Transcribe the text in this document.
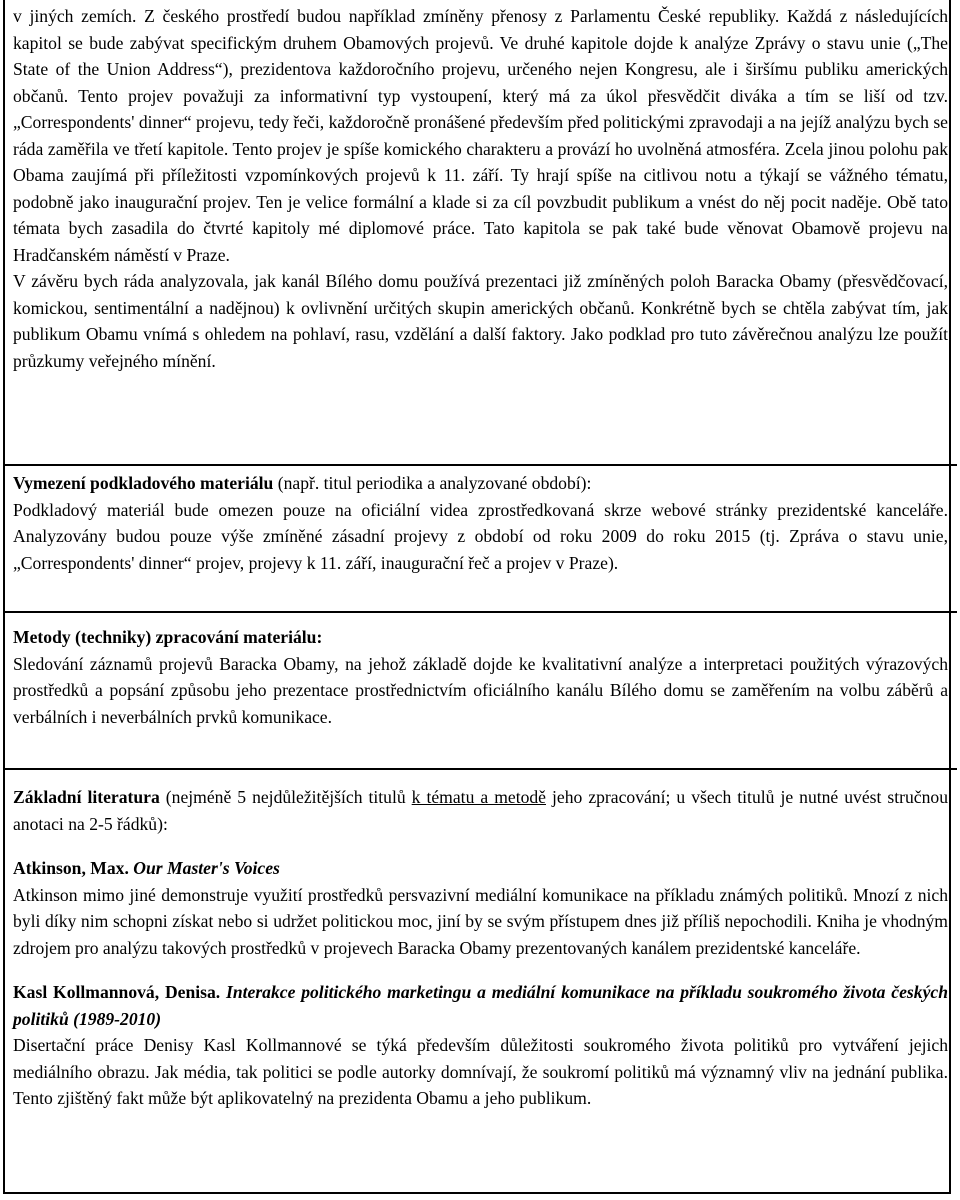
v jiných zemích. Z českého prostředí budou například zmíněny přenosy z Parlamentu České republiky. Každá z následujících kapitol se bude zabývat specifickým druhem Obamových projevů. Ve druhé kapitole dojde k analýze Zprávy o stavu unie („The State of the Union Address“), prezidentova každoročního projevu, určeného nejen Kongresu, ale i širšímu publiku amerických občanů. Tento projev považuji za informativní typ vystoupení, který má za úkol přesvědčit diváka a tím se liší od tzv. „Correspondents' dinner“ projevu, tedy řeči, každoročně pronášené především před politickými zpravodaji a na jejíž analýzu bych se ráda zaměřila ve třetí kapitole. Tento projev je spíše komického charakteru a provází ho uvolněná atmosféra. Zcela jinou polohu pak Obama zaujímá při příležitosti vzpomínkových projevů k 11. září. Ty hrají spíše na citlivou notu a týkají se vážného tématu, podobně jako inaugurační projev. Ten je velice formální a klade si za cíl povzbudit publikum a vnést do něj pocit naděje. Obě tato témata bych zasadila do čtvrté kapitoly mé diplomové práce. Tato kapitola se pak také bude věnovat Obamově projevu na Hradčanském náměstí v Praze.

V závěru bych ráda analyzovala, jak kanál Bílého domu používá prezentaci již zmíněných poloh Baracka Obamy (přesvědčovací, komickou, sentimentální a nadějnou) k ovlivnění určitých skupin amerických občanů. Konkrétně bych se chtěla zabývat tím, jak publikum Obamu vnímá s ohledem na pohlaví, rasu, vzdělání a další faktory. Jako podklad pro tuto závěrečnou analýzu lze použít průzkumy veřejného mínění.

Vymezení podkladového materiálu (např. titul periodika a analyzované období):
Podkladový materiál bude omezen pouze na oficiální videa zprostředkovaná skrze webové stránky prezidentské kanceláře. Analyzovány budou pouze výše zmíněné zásadní projevy z období od roku 2009 do roku 2015 (tj. Zpráva o stavu unie, „Correspondents' dinner“ projev, projevy k 11. září, inaugurační řeč a projev v Praze).

Metody (techniky) zpracování materiálu:
Sledování záznamů projevů Baracka Obamy, na jehož základě dojde ke kvalitativní analýze a interpretaci použitých výrazových prostředků a popsání způsobu jeho prezentace prostřednictvím oficiálního kanálu Bílého domu se zaměřením na volbu záběrů a verbálních i neverbálních prvků komunikace.

Základní literatura (nejméně 5 nejdůležitějších titulů k tématu a metodě jeho zpracování; u všech titulů je nutné uvést stručnou anotaci na 2-5 řádků):

Atkinson, Max. Our Master's Voices

Atkinson mimo jiné demonstruje využití prostředků persvazivní mediální komunikace na příkladu známých politiků. Mnozí z nich byli díky nim schopni získat nebo si udržet politickou moc, jiní by se svým přístupem dnes již příliš nepochodili. Kniha je vhodným zdrojem pro analýzu takových prostředků v projevech Baracka Obamy prezentovaných kanálem prezidentské kanceláře.

Kasl Kollmannová, Denisa. Interakce politického marketingu a mediální komunikace na příkladu soukromého života českých politiků (1989-2010)

Disertační práce Denisy Kasl Kollmannové se týká především důležitosti soukromého života politiků pro vytváření jejich mediálního obrazu. Jak média, tak politici se podle autorky domnívají, že soukromí politiků má významný vliv na jednání publika. Tento zjištěný fakt může být aplikovatelný na prezidenta Obamu a jeho publikum.
